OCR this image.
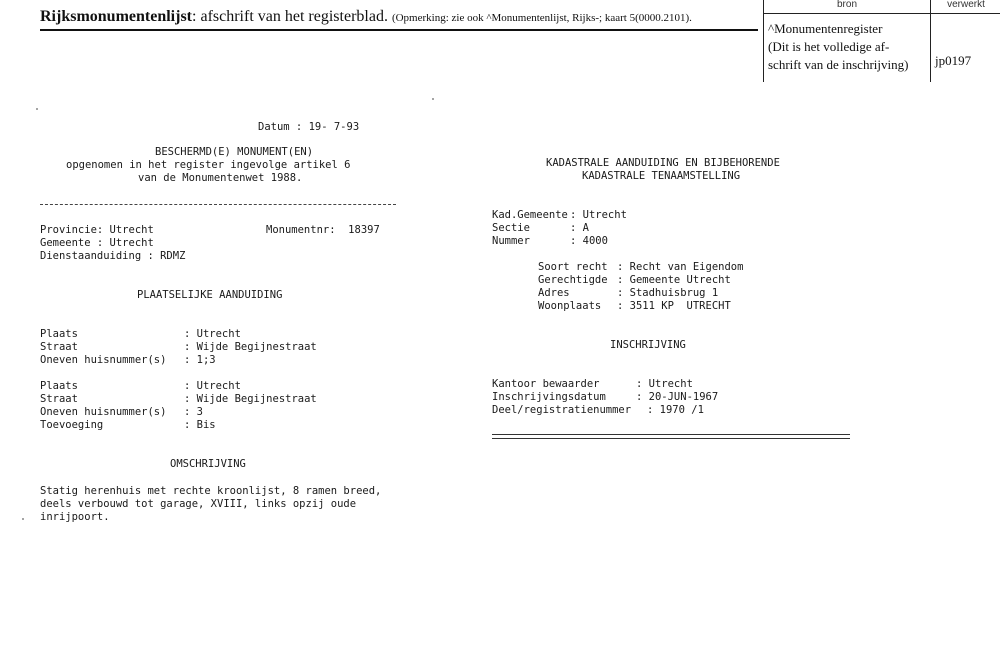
Rijksmonumentenlijst: afschrift van het registerblad. (Opmerking: zie ook ^Monumentenlijst, Rijks-; kaart 5(0000.2101).
bron	verwerkt
^Monumentenregister
(Dit is het volledige af-
schrift van de inschrijving)	jp0197
Datum : 19- 7-93
BESCHERMD(E) MONUMENT(EN)
opgenomen in het register ingevolge artikel 6
van de Monumentenwet 1988.
Provincie: Utrecht	Monumentnr:  18397
Gemeente : Utrecht
Dienstaanduiding : RDMZ
PLAATSELIJKE AANDUIDING
Plaats	: Utrecht
Straat	: Wijde Begijnestraat
Oneven huisnummer(s) : 1;3
Plaats	: Utrecht
Straat	: Wijde Begijnestraat
Oneven huisnummer(s) : 3
Toevoeging	: Bis
OMSCHRIJVING
Statig herenhuis met rechte kroonlijst, 8 ramen breed,
deels verbouwd tot garage, XVIII, links opzij oude
inrijpoort.
KADASTRALE AANDUIDING EN BIJBEHORENDE
KADASTRALE TENAAMSTELLING
Kad.Gemeente : Utrecht
Sectie	: A
Nummer	: 4000
Soort recht : Recht van Eigendom
Gerechtigde : Gemeente Utrecht
Adres	: Stadhuisbrug 1
Woonplaats : 3511 KP  UTRECHT
INSCHRIJVING
Kantoor bewaarder	: Utrecht
Inschrijvingsdatum	: 20-JUN-1967
Deel/registratienummer : 1970 /1
